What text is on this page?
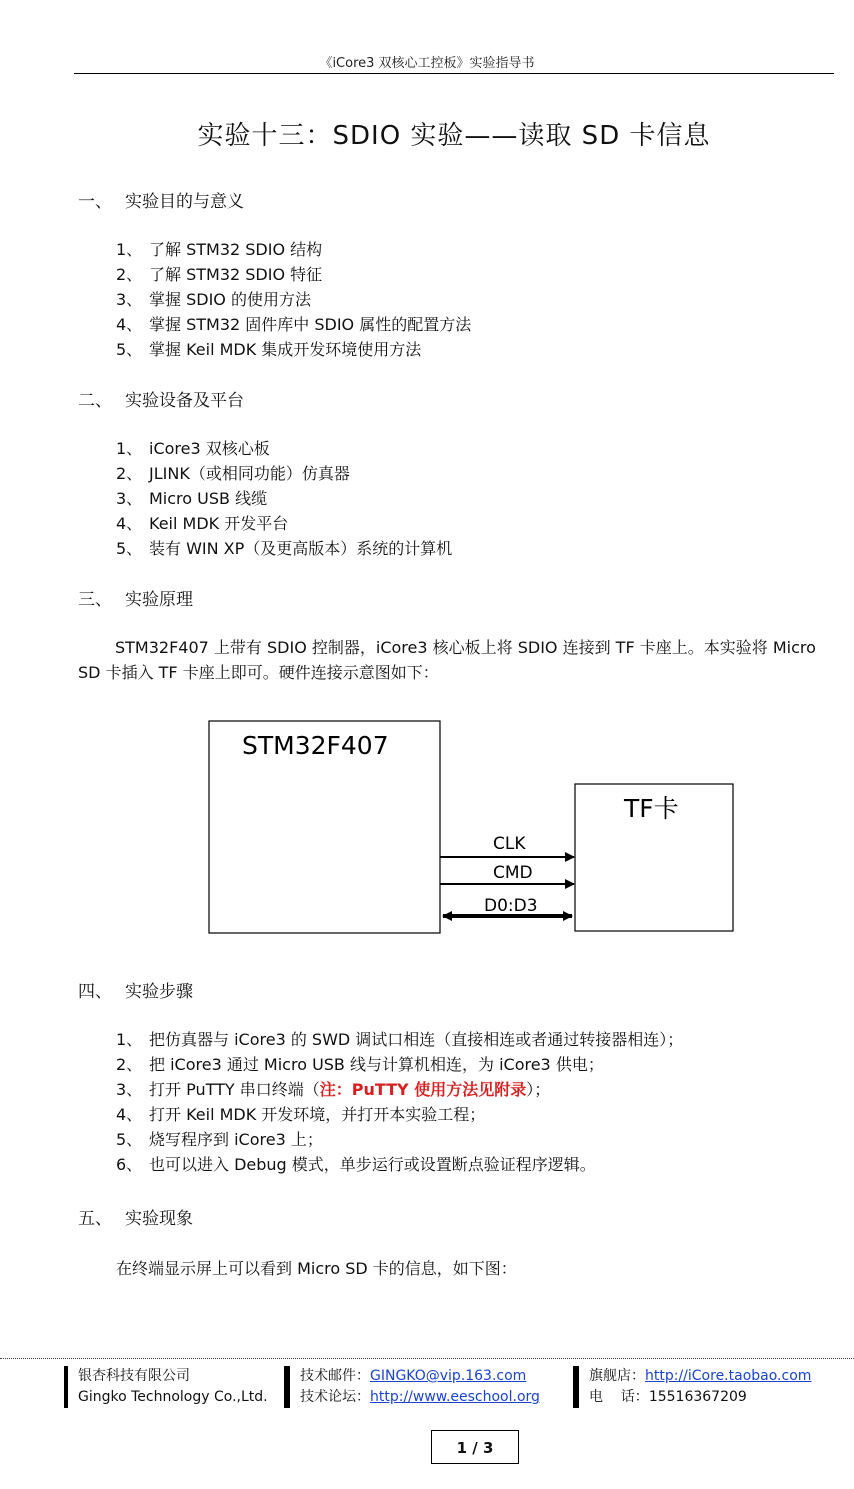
《iCore3 双核心工控板》实验指导书
实验十三：SDIO 实验——读取 SD 卡信息
一、 实验目的与意义
1、 了解 STM32 SDIO 结构
2、 了解 STM32 SDIO 特征
3、 掌握 SDIO 的使用方法
4、 掌握 STM32 固件库中 SDIO 属性的配置方法
5、 掌握 Keil MDK 集成开发环境使用方法
二、 实验设备及平台
1、 iCore3 双核心板
2、 JLINK（或相同功能）仿真器
3、 Micro USB 线缆
4、 Keil MDK 开发平台
5、 装有 WIN XP（及更高版本）系统的计算机
三、 实验原理
STM32F407 上带有 SDIO 控制器，iCore3 核心板上将 SDIO 连接到 TF 卡座上。本实验将 Micro SD 卡插入 TF 卡座上即可。硬件连接示意图如下：
STM32F407
TF卡
CLK
CMD
D0:D3
四、 实验步骤
1、 把仿真器与 iCore3 的 SWD 调试口相连（直接相连或者通过转接器相连）；
2、 把 iCore3 通过 Micro USB 线与计算机相连，为 iCore3 供电；
3、 打开 PuTTY 串口终端（注：PuTTY 使用方法见附录）；
4、 打开 Keil MDK 开发环境，并打开本实验工程；
5、 烧写程序到 iCore3 上；
6、 也可以进入 Debug 模式，单步运行或设置断点验证程序逻辑。
五、 实验现象
在终端显示屏上可以看到 Micro SD 卡的信息，如下图：
银杏科技有限公司
Gingko Technology Co.,Ltd.
技术邮件：GINGKO@vip.163.com
技术论坛：http://www.eeschool.org
旗舰店：http://iCore.taobao.com
电    话：15516367209
1 / 3
